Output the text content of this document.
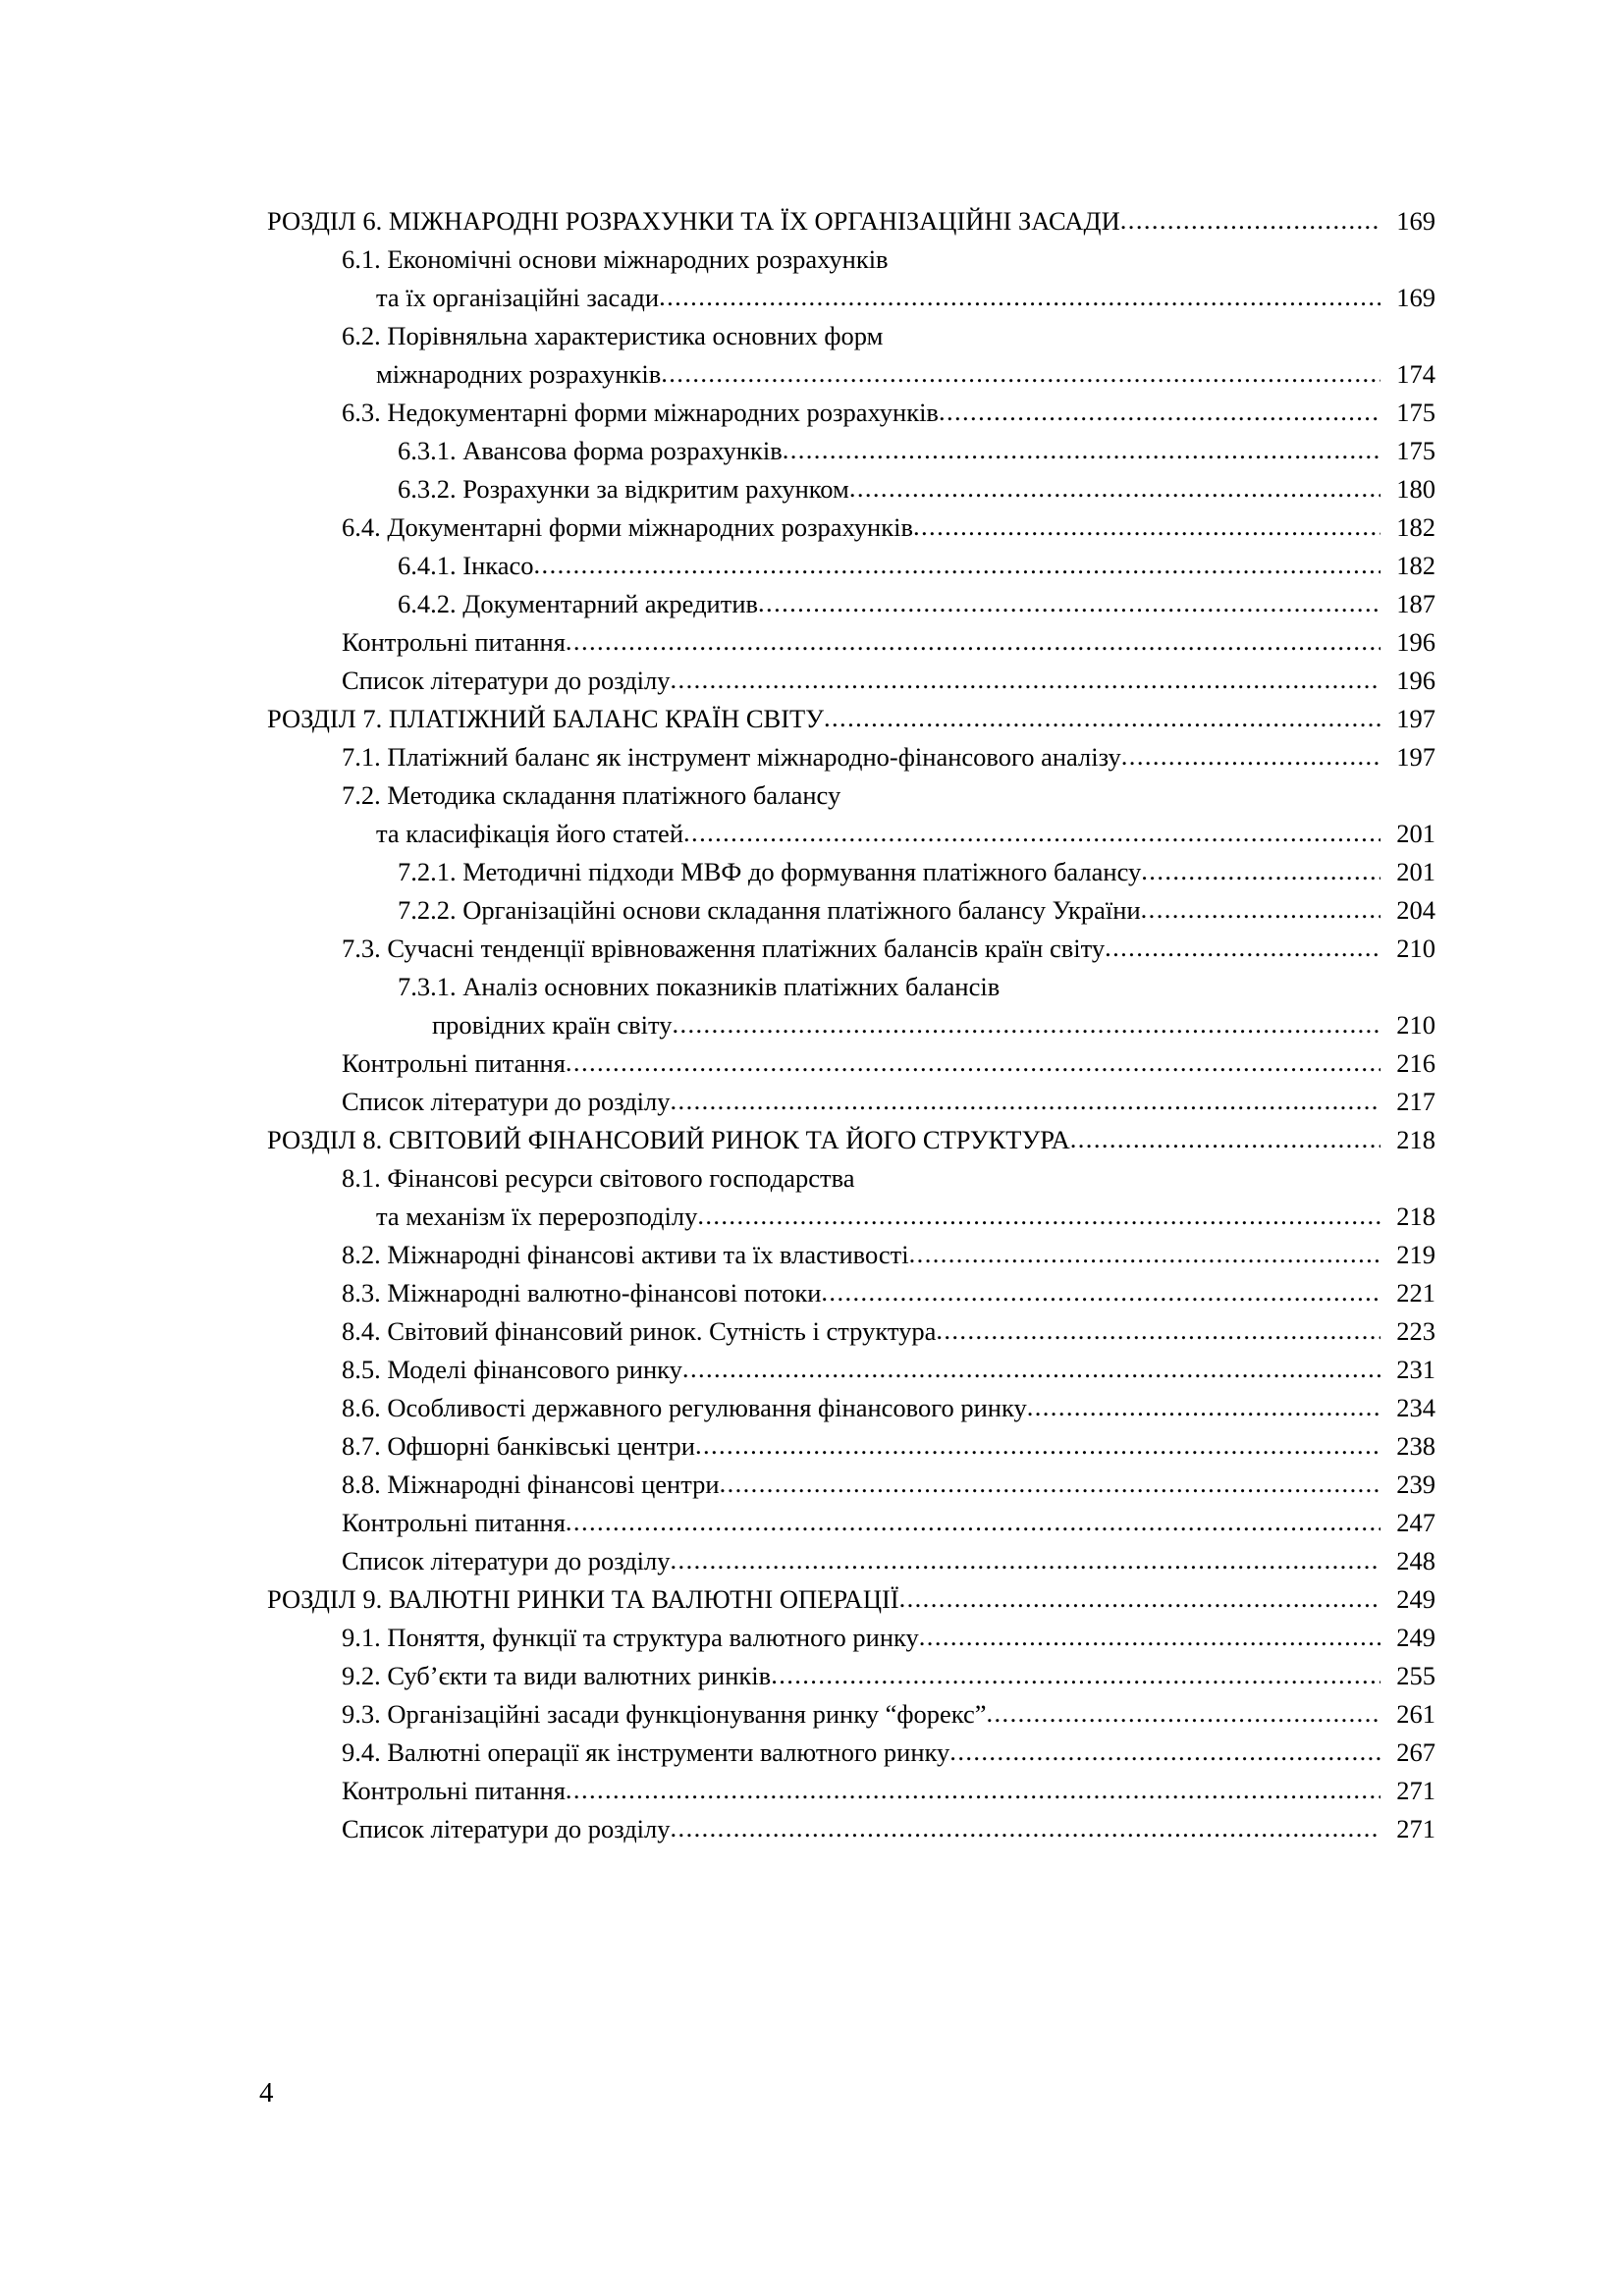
РОЗДІЛ 6. МІЖНАРОДНІ РОЗРАХУНКИ ТА ЇХ ОРГАНІЗАЦІЙНІ ЗАСАДИ .....	169
6.1. Економічні основи міжнародних розрахунків
та їх організаційні засади .....	169
6.2. Порівняльна характеристика основних форм
міжнародних розрахунків .....	174
6.3. Недокументарні форми міжнародних розрахунків .....	175
6.3.1. Авансова форма розрахунків .....	175
6.3.2. Розрахунки за відкритим рахунком .....	180
6.4. Документарні форми міжнародних розрахунків .....	182
6.4.1. Інкасо .....	182
6.4.2. Документарний акредитив .....	187
Контрольні питання .....	196
Список літератури до розділу .....	196
РОЗДІЛ 7. ПЛАТІЖНИЙ БАЛАНС КРАЇН СВІТУ .....	197
7.1. Платіжний баланс як інструмент міжнародно-фінансового аналізу .....	197
7.2. Методика складання платіжного балансу
та класифікація його статей .....	201
7.2.1. Методичні підходи МВФ до формування платіжного балансу .....	201
7.2.2. Організаційні основи складання платіжного балансу України .....	204
7.3. Сучасні тенденції врівноваження платіжних балансів країн світу .....	210
7.3.1. Аналіз основних показників платіжних балансів
провідних країн світу .....	210
Контрольні питання .....	216
Список літератури до розділу .....	217
РОЗДІЛ 8. СВІТОВИЙ ФІНАНСОВИЙ РИНОК ТА ЙОГО СТРУКТУРА .....	218
8.1. Фінансові ресурси світового господарства
та механізм їх перерозподілу .....	218
8.2. Міжнародні фінансові активи та їх властивості .....	219
8.3. Міжнародні валютно-фінансові потоки .....	221
8.4. Світовий фінансовий ринок. Сутність і структура .....	223
8.5. Моделі фінансового ринку .....	231
8.6. Особливості державного регулювання фінансового ринку .....	234
8.7. Офшорні банківські центри .....	238
8.8. Міжнародні фінансові центри .....	239
Контрольні питання .....	247
Список літератури до розділу .....	248
РОЗДІЛ 9. ВАЛЮТНІ РИНКИ ТА ВАЛЮТНІ ОПЕРАЦІЇ .....	249
9.1. Поняття, функції та структура валютного ринку .....	249
9.2. Суб’єкти та види валютних ринків .....	255
9.3. Організаційні засади функціонування ринку “форекс” .....	261
9.4. Валютні операції як інструменти валютного ринку .....	267
Контрольні питання .....	271
Список літератури до розділу .....	271
4
